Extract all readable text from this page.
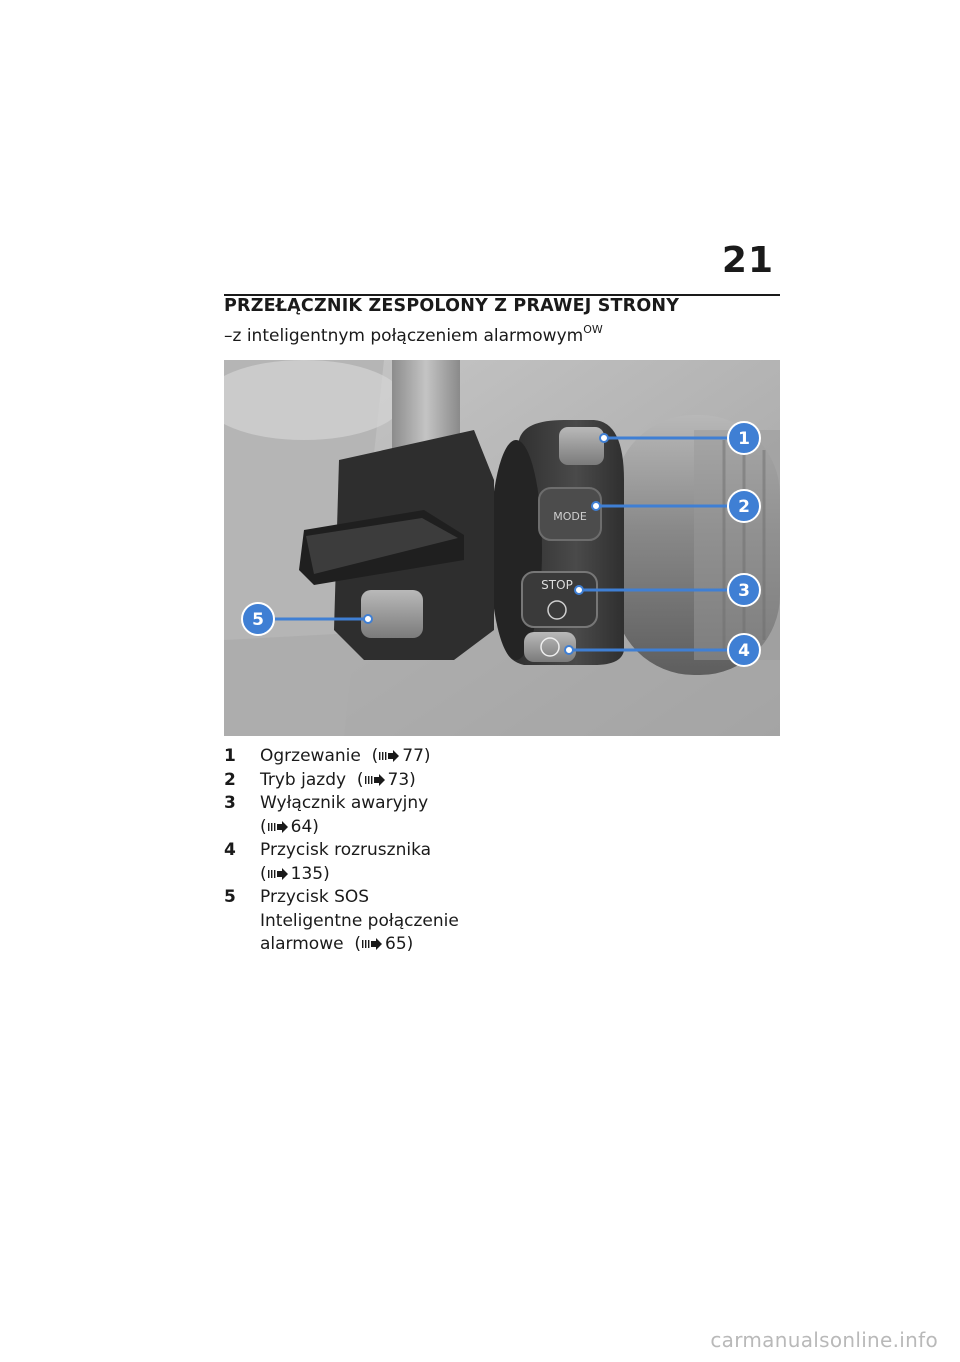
21
PRZEŁĄCZNIK ZESPOLONY Z PRAWEJ STRONY
–z inteligentnym połączeniem alarmowym$^{OW}$
MODE
STOP
1
2
3
4
5
1	Ogrzewanie ( 77)
2	Tryb jazdy ( 73)
3	Wyłącznik awaryjny
( 64)
4	Przycisk rozrusznika
( 135)
5	Przycisk SOS
Inteligentne połączenie
alarmowe ( 65)
carmanualsonline.info
